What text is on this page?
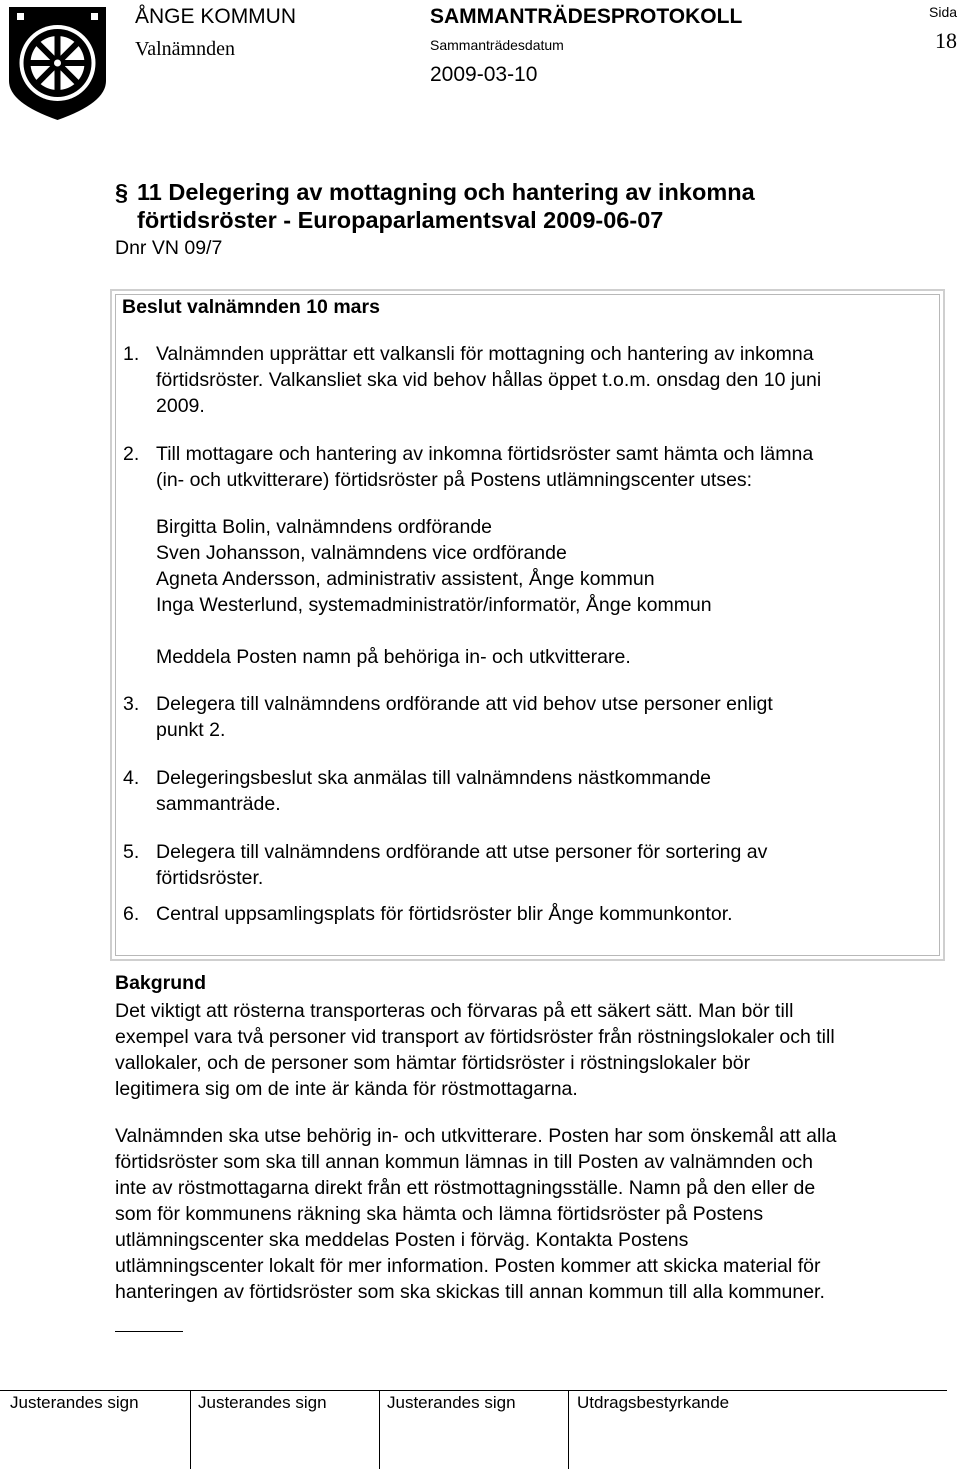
ÅNGE KOMMUN
Valnämnden
SAMMANTRÄDESPROTOKOLL
Sammanträdesdatum
2009-03-10
Sida
18
§ 11 Delegering av mottagning och hantering av inkomna
förtidsröster - Europaparlamentsval 2009-06-07
Dnr VN 09/7
Beslut valnämnden 10 mars
1. Valnämnden upprättar ett valkansli för mottagning och hantering av inkomna
förtidsröster. Valkansliet ska vid behov hållas öppet t.o.m. onsdag den 10 juni
2009.
2. Till mottagare och hantering av inkomna förtidsröster samt hämta och lämna
(in- och utkvitterare) förtidsröster på Postens utlämningscenter utses:
Birgitta Bolin, valnämndens ordförande
Sven Johansson, valnämndens vice ordförande
Agneta Andersson, administrativ assistent, Ånge kommun
Inga Westerlund, systemadministratör/informatör, Ånge kommun
Meddela Posten namn på behöriga in- och utkvitterare.
3. Delegera till valnämndens ordförande att vid behov utse personer enligt
punkt 2.
4. Delegeringsbeslut ska anmälas till valnämndens nästkommande
sammanträde.
5. Delegera till valnämndens ordförande att utse personer för sortering av
förtidsröster.
6. Central uppsamlingsplats för förtidsröster blir Ånge kommunkontor.
Bakgrund
Det viktigt att rösterna transporteras och förvaras på ett säkert sätt. Man bör till
exempel vara två personer vid transport av förtidsröster från röstningslokaler och till
vallokaler, och de personer som hämtar förtidsröster i röstningslokaler bör
legitimera sig om de inte är kända för röstmottagarna.
Valnämnden ska utse behörig in- och utkvitterare. Posten har som önskemål att alla
förtidsröster som ska till annan kommun lämnas in till Posten av valnämnden och
inte av röstmottagarna direkt från ett röstmottagningsställe. Namn på den eller de
som för kommunens räkning ska hämta och lämna förtidsröster på Postens
utlämningscenter ska meddelas Posten i förväg. Kontakta Postens
utlämningscenter lokalt för mer information. Posten kommer att skicka material för
hanteringen av förtidsröster som ska skickas till annan kommun till alla kommuner.
Justerandes sign	Justerandes sign	Justerandes sign	Utdragsbestyrkande
